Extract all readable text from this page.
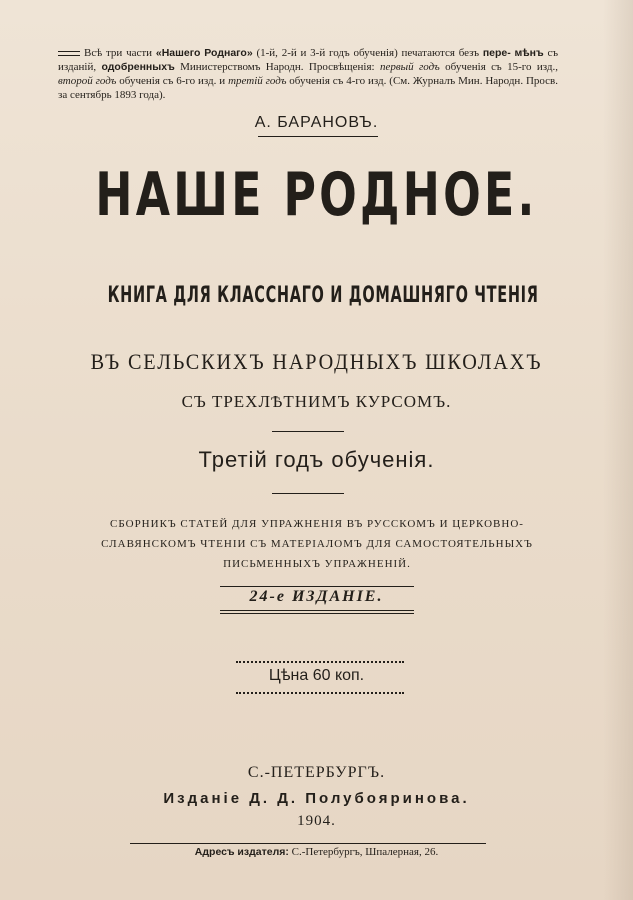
Всѣ три части «Нашего Роднаго» (1-й, 2-й и 3-й годъ обученія) печатаются безъ пере- мѣнъ съ изданій, одобренныхъ Министерствомъ Народн. Просвѣщенія: первый годъ обученія съ 15-го изд., второй годъ обученія съ 6-го изд. и третій годъ обученія съ 4-го изд. (См. Журналъ Мин. Народн. Просв. за сентябрь 1893 года).
А. БАРАНОВЪ.
НАШЕ РОДНОЕ.
КНИГА ДЛЯ КЛАССНАГО И ДОМАШНЯГО ЧТЕНІЯ
ВЪ СЕЛЬСКИХЪ НАРОДНЫХЪ ШКОЛАХЪ
СЪ ТРЕХЛѢТНИМЪ КУРСОМЪ.
Третій годъ обученія.
СБОРНИКЪ СТАТЕЙ ДЛЯ УПРАЖНЕНІЯ ВЪ РУССКОМЪ И ЦЕРКОВНО-СЛАВЯНСКОМЪ ЧТЕНІИ СЪ МАТЕРІАЛОМЪ ДЛЯ САМОСТОЯТЕЛЬНЫХЪ ПИСЬМЕННЫХЪ УПРАЖНЕНІЙ.
24-е ИЗДАНІЕ.
Цѣна 60 коп.
С.-ПЕТЕРБУРГЪ.
Изданіе Д. Д. Полубояринова.
1904.
Адресъ издателя: С.-Петербургъ, Шпалерная, 26.
